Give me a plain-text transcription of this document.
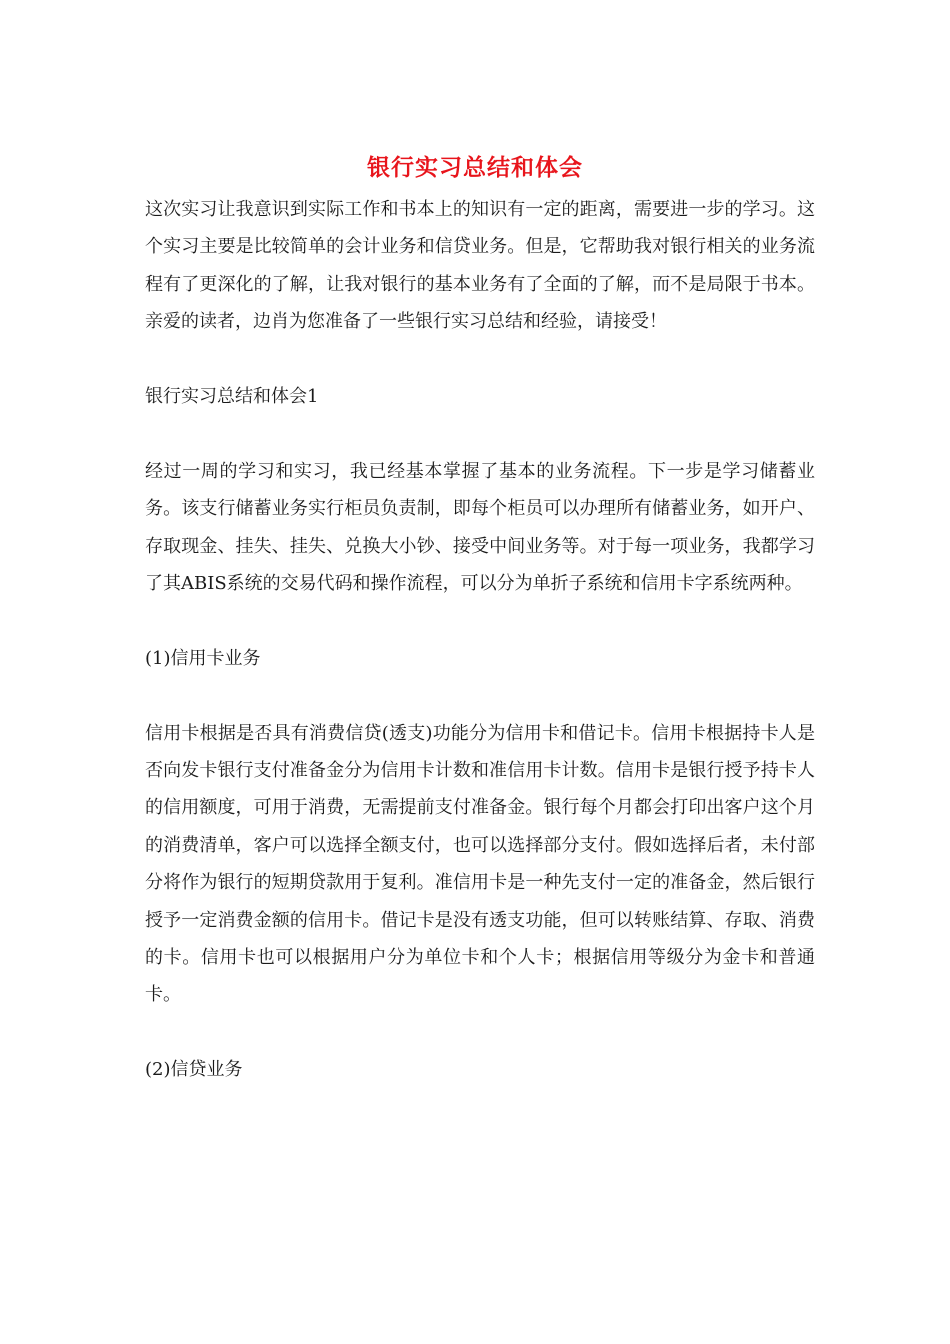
银行实习总结和体会

这次实习让我意识到实际工作和书本上的知识有一定的距离，需要进一步的学习。这个实习主要是比较简单的会计业务和信贷业务。但是，它帮助我对银行相关的业务流程有了更深化的了解，让我对银行的基本业务有了全面的了解，而不是局限于书本。亲爱的读者，边肖为您准备了一些银行实习总结和经验，请接受！

银行实习总结和体会1

经过一周的学习和实习，我已经基本掌握了基本的业务流程。下一步是学习储蓄业务。该支行储蓄业务实行柜员负责制，即每个柜员可以办理所有储蓄业务，如开户、存取现金、挂失、挂失、兑换大小钞、接受中间业务等。对于每一项业务，我都学习了其ABIS系统的交易代码和操作流程，可以分为单折子系统和信用卡字系统两种。

(1)信用卡业务

信用卡根据是否具有消费信贷(透支)功能分为信用卡和借记卡。信用卡根据持卡人是否向发卡银行支付准备金分为信用卡计数和准信用卡计数。信用卡是银行授予持卡人的信用额度，可用于消费，无需提前支付准备金。银行每个月都会打印出客户这个月的消费清单，客户可以选择全额支付，也可以选择部分支付。假如选择后者，未付部分将作为银行的短期贷款用于复利。准信用卡是一种先支付一定的准备金，然后银行授予一定消费金额的信用卡。借记卡是没有透支功能，但可以转账结算、存取、消费的卡。信用卡也可以根据用户分为单位卡和个人卡；根据信用等级分为金卡和普通卡。

(2)信贷业务
